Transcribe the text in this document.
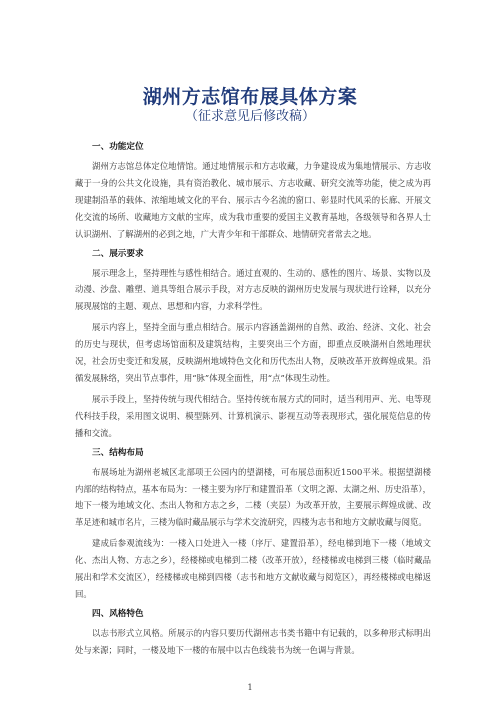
湖州方志馆布展具体方案
（征求意见后修改稿）
一、功能定位

湖州方志馆总体定位地情馆。通过地情展示和方志收藏，力争建设成为集地情展示、方志收藏于一身的公共文化设施，具有资治教化、城市展示、方志收藏、研究交流等功能，使之成为再现建制沿革的载体、浓缩地域文化的平台、展示古今名流的窗口、彰显时代风采的长廊、开展文化交流的场所、收藏地方文献的宝库，成为我市重要的爱国主义教育基地，各级领导和各界人士认识湖州、了解湖州的必到之地，广大青少年和干部群众、地情研究者常去之地。

二、展示要求

展示理念上，坚持理性与感性相结合。通过直观的、生动的、感性的图片、场景、实物以及动漫、沙盘、雕塑、道具等组合展示手段，对方志反映的湖州历史发展与现状进行诠释，以充分展现展馆的主题、观点、思想和内容，力求科学性。

展示内容上，坚持全面与重点相结合。展示内容涵盖湖州的自然、政治、经济、文化、社会的历史与现状，但考虑场馆面积及建筑结构，主要突出三个方面，即重点反映湖州自然地理状况，社会历史变迁和发展，反映湖州地域特色文化和历代杰出人物，反映改革开放辉煌成果。沿循发展脉络，突出节点事件，用“脉”体现全面性，用“点”体现生动性。

展示手段上，坚持传统与现代相结合。坚持传统布展方式的同时，适当利用声、光、电等现代科技手段，采用图文说明、模型陈列、计算机演示、影视互动等表现形式，强化展览信息的传播和交流。

三、结构布局

布展场址为湖州老城区北部项王公园内的望湖楼，可布展总面积近1500平米。根据望湖楼内部的结构特点，基本布局为：一楼主要为序厅和建置沿革（文明之源、太湖之州、历史沿革），地下一楼为地域文化、杰出人物和方志之乡，二楼（夹层）为改革开放，主要展示辉煌成就、改革足迹和城市名片，三楼为临时藏品展示与学术交流研究，四楼为志书和地方文献收藏与阅览。

建成后参观流线为：一楼入口处进入一楼（序厅、建置沿革），经电梯到地下一楼（地域文化、杰出人物、方志之乡），经楼梯或电梯到二楼（改革开放），经楼梯或电梯到三楼（临时藏品展出和学术交流区），经楼梯或电梯到四楼（志书和地方文献收藏与阅览区），再经楼梯或电梯返回。

四、风格特色

以志书形式立风格。所展示的内容只要历代湖州志书类书籍中有记载的，以多种形式标明出处与来源；同时，一楼及地下一楼的布展中以古色线装书为统一色调与背景。

1
